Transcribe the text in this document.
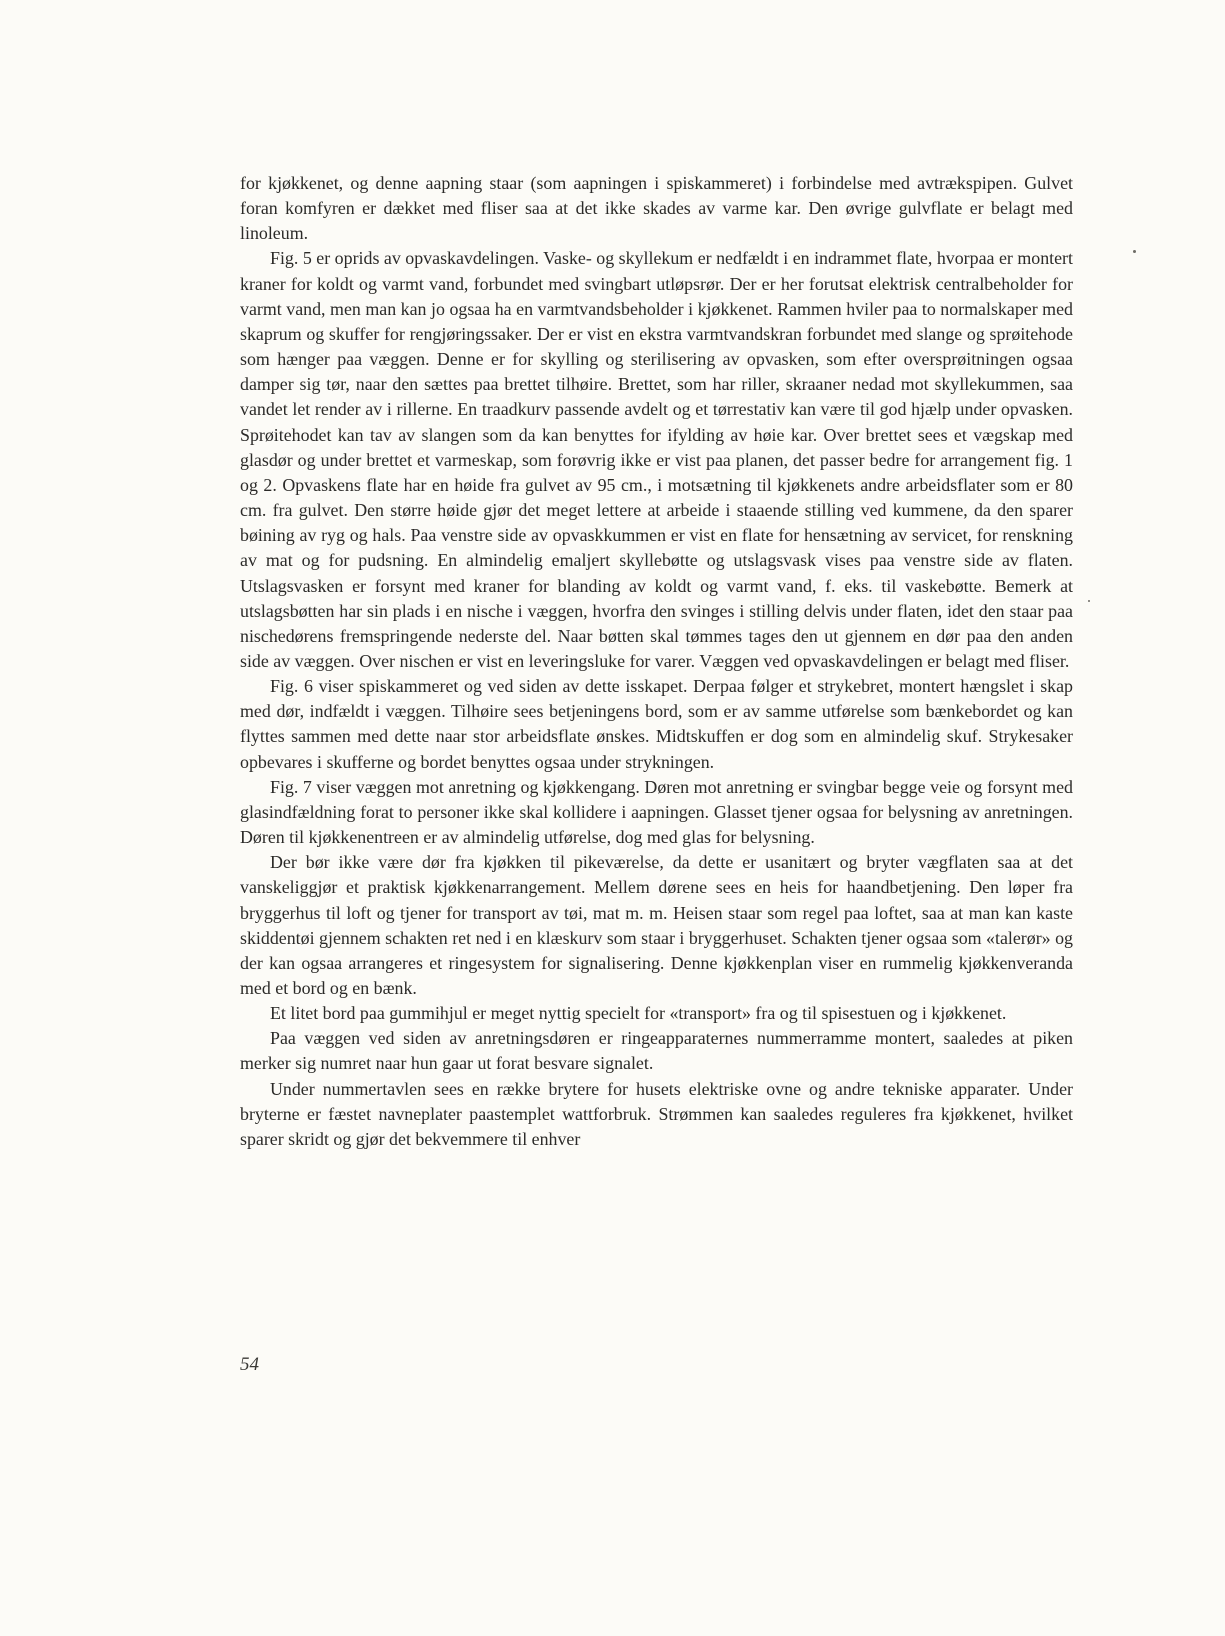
for kjøkkenet, og denne aapning staar (som aapningen i spiskammeret) i forbindelse med avtrækspipen. Gulvet foran komfyren er dækket med fliser saa at det ikke skades av varme kar. Den øvrige gulvflate er belagt med linoleum.

Fig. 5 er oprids av opvaskavdelingen. Vaske- og skyllekum er nedfældt i en indrammet flate, hvorpaa er montert kraner for koldt og varmt vand, forbundet med svingbart utløpsrør. Der er her forutsat elektrisk centralbeholder for varmt vand, men man kan jo ogsaa ha en varmtvandsbeholder i kjøkkenet. Rammen hviler paa to normalskaper med skaprum og skuffer for rengjøringssaker. Der er vist en ekstra varmtvandskran forbundet med slange og sprøitehode som hænger paa væggen. Denne er for skylling og sterilisering av opvasken, som efter oversprøitningen ogsaa damper sig tør, naar den sættes paa brettet tilhøire. Brettet, som har riller, skraaner nedad mot skyllekummen, saa vandet let render av i rillerne. En traadkurv passende avdelt og et tørrestativ kan være til god hjælp under opvasken. Sprøitehodet kan tav av slangen som da kan benyttes for ifylding av høie kar. Over brettet sees et vægskap med glasdør og under brettet et varmeskap, som forøvrig ikke er vist paa planen, det passer bedre for arrangement fig. 1 og 2. Opvaskens flate har en høide fra gulvet av 95 cm., i motsætning til kjøkkenets andre arbeidsflater som er 80 cm. fra gulvet. Den større høide gjør det meget lettere at arbeide i staaende stilling ved kummene, da den sparer bøining av ryg og hals. Paa venstre side av opvaskkummen er vist en flate for hensætning av servicet, for renskning av mat og for pudsning. En almindelig emaljert skyllebøtte og utslagsvask vises paa venstre side av flaten. Utslagsvasken er forsynt med kraner for blanding av koldt og varmt vand, f. eks. til vaskebøtte. Bemerk at utslagsbøtten har sin plads i en nische i væggen, hvorfra den svinges i stilling delvis under flaten, idet den staar paa nischedørens fremspringende nederste del. Naar bøtten skal tømmes tages den ut gjennem en dør paa den anden side av væggen. Over nischen er vist en leveringsluke for varer. Væggen ved opvaskavdelingen er belagt med fliser.

Fig. 6 viser spiskammeret og ved siden av dette isskapet. Derpaa følger et strykebret, montert hængslet i skap med dør, indfældt i væggen. Tilhøire sees betjeningens bord, som er av samme utførelse som bænkebordet og kan flyttes sammen med dette naar stor arbeidsflate ønskes. Midtskuffen er dog som en almindelig skuf. Strykesaker opbevares i skufferne og bordet benyttes ogsaa under strykningen.

Fig. 7 viser væggen mot anretning og kjøkkengang. Døren mot anretning er svingbar begge veie og forsynt med glasindfældning forat to personer ikke skal kollidere i aapningen. Glasset tjener ogsaa for belysning av anretningen. Døren til kjøkkenentreen er av almindelig utførelse, dog med glas for belysning.

Der bør ikke være dør fra kjøkken til pikeværelse, da dette er usanitært og bryter vægflaten saa at det vanskeliggjør et praktisk kjøkkenarrangement. Mellem dørene sees en heis for haandbetjening. Den løper fra bryggerhus til loft og tjener for transport av tøi, mat m. m. Heisen staar som regel paa loftet, saa at man kan kaste skiddentøi gjennem schakten ret ned i en klæskurv som staar i bryggerhuset. Schakten tjener ogsaa som «talerør» og der kan ogsaa arrangeres et ringesystem for signalisering. Denne kjøkkenplan viser en rummelig kjøkkenveranda med et bord og en bænk.

Et litet bord paa gummihjul er meget nyttig specielt for «transport» fra og til spisestuen og i kjøkkenet.

Paa væggen ved siden av anretningsdøren er ringeapparaternes nummerramme montert, saaledes at piken merker sig numret naar hun gaar ut forat besvare signalet.

Under nummertavlen sees en række brytere for husets elektriske ovne og andre tekniske apparater. Under bryterne er fæstet navneplater paastemplet wattforbruk. Strømmen kan saaledes reguleres fra kjøkkenet, hvilket sparer skridt og gjør det bekvemmere til enhver

54
